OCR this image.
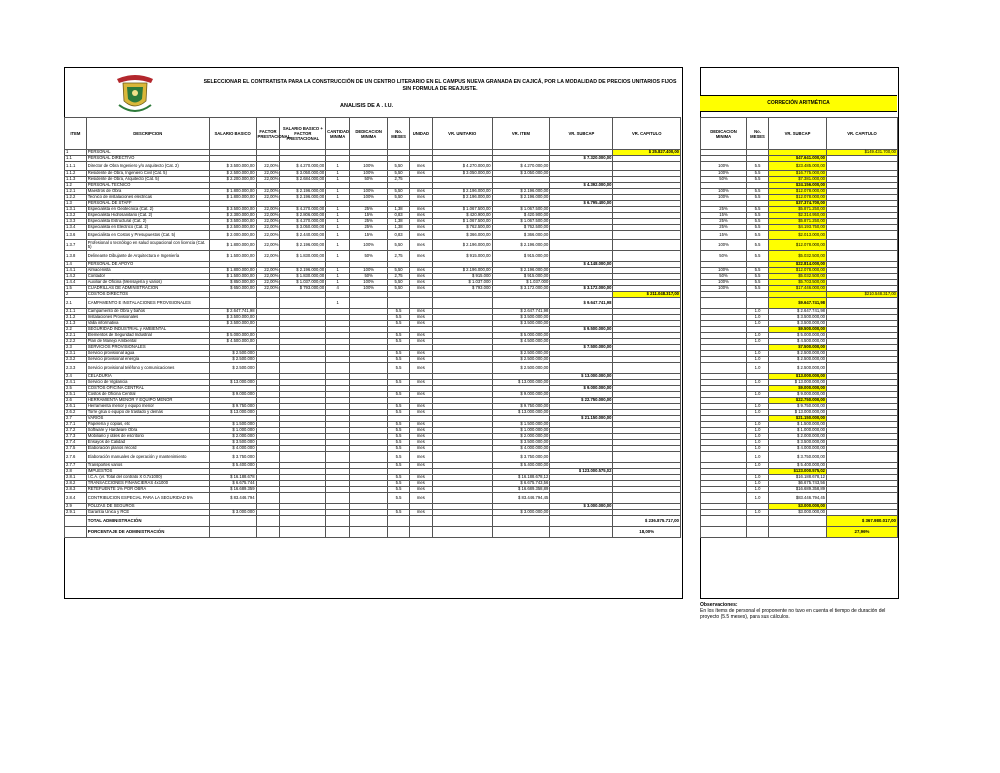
SELECCIONAR EL CONTRATISTA PARA LA CONSTRUCCIÓN DE UN CENTRO LITERARIO EN EL CAMPUS NUEVA GRANADA EN CAJICÁ, POR LA MODALIDAD DE PRECIOS UNITARIOS FIJOS SIN FORMULA DE REAJUSTE.
ANALISIS DE A . I.U.	CORRECIÓN ARITMÉTICA
ITEM	DESCRIPCION	SALARIO BASICO	FACTOR PRESTACIONAL	SALARIO BASICO + FACTOR PRESTACIONAL	CANTIDAD MINIMA	DEDICACION MINIMA	No. MESES	UNIDAD	VR. UNITARIO	VR. ITEM	VR. SUBCAP	VR. CAPITULO
1	PERSONAL											$ 25.827.400,00
1.1	PERSONAL DIRECTIVO										$ 7.320.000,00	
1.1.1	Director de Obra Ingeniero y/o arquitecto (Cat. 2)	$ 3.500.000,00	22,00%	$ 4.270.000,00	1	100%	5,50	mes	$ 4.270.000,00	$ 4.270.000,00		
1.1.2	Residente de Obra, Ingeniero Civil (Cat. 5)	$ 2.500.000,00	22,00%	$ 3.050.000,00	1	100%	5,50	mes	$ 3.050.000,00	$ 3.050.000,00		
1.1.3	Residente de Obra, Arquitecto (Cat. 5)	$ 2.200.000,00	22,00%	$ 2.684.000,00	1	50%	2,75					
1.2	PERSONAL TECNICO										$ 4.392.000,00	
1.2.1	Maestros de Obra	$ 1.800.000,00	22,00%	$ 2.196.000,00	1	100%	5,50	mes	$ 2.196.000,00	$ 2.196.000,00		
1.2.2	Tecnico de instalaciones electricas	$ 1.800.000,00	22,00%	$ 2.196.000,00	1	100%	5,50	mes	$ 2.196.000,00	$ 2.196.000,00		
1.3	PERSONAL DE STAFF										$ 6.795.400,00	
1.3.1	Especialista en Geotecnica (Cat. 2)	$ 3.500.000,00	22,00%	$ 4.270.000,00	1	25%	1,38	mes	$ 1.067.500,00	$ 1.067.500,00		
1.3.2	Especialista Hidrosanitario (Cat. 2)	$ 2.300.000,00	22,00%	$ 2.806.000,00	1	15%	0,83	mes	$ 420.900,00	$ 420.900,00		
1.3.3	Especialista Estructural (Cat. 2)	$ 3.500.000,00	22,00%	$ 4.270.000,00	1	25%	1,38	mes	$ 1.067.500,00	$ 1.067.500,00		
1.3.4	Especialista en Eléctrico (Cat. 2)	$ 2.500.000,00	22,00%	$ 3.050.000,00	1	25%	1,38	mes	$ 762.500,00	$ 762.500,00		
1.3.6	Especialista en Costos y Presupuestos (Cat. 5)	$ 2.000.000,00	22,00%	$ 2.440.000,00	1	15%	0,83	mes	$ 366.000,00	$ 366.000,00		
1.3.7	Profesional o tecnólogo en salud ocupacional con licencia (Cat. 5)	$ 1.800.000,00	22,00%	$ 2.196.000,00	1	100%	5,50	mes	$ 2.196.000,00	$ 2.196.000,00		
1.3.8	Delineante Dibujante de Arquitectura e Ingeniería	$ 1.500.000,00	22,00%	$ 1.830.000,00	1	50%	2,75	mes	$ 915.000,00	$ 915.000,00		
1.4	PERSONAL DE APOYO										$ 4.148.000,00	
1.4.1	Almacenista	$ 1.800.000,00	22,00%	$ 2.196.000,00	1	100%	5,50	mes	$ 2.196.000,00	$ 2.196.000,00		
1.4.2	Contador	$ 1.500.000,00	22,00%	$ 1.830.000,00	1	50%	2,75	mes	$ 915.000	$ 915.000,00		
1.4.4	Auxiliar de Oficina (Mensajería y varios)	$ 850.000,00	22,00%	$ 1.037.000,00	1	100%	5,50	mes	$ 1.037.000	$ 1.037.000		
1.5	CUADRILLAS DE ADMINISTRACION	$ 650.000,00	22,00%	$ 793.000,00	4	100%	5,50	mes	$ 793.000	$ 3.172.000,00	$ 3.172.000,00	
2	COSTOS DIRECTOS											$ 211.048.317,00
2.1	CAMPAMENTO E INSTALACIONES PROVISIONALES				1						$ 9.647.741,98	
2.1.1	Campamento de Obra y baños	$ 2.647.741,98					5.5	mes		$ 2.647.741,98		
2.1.2	Instalaciones Provisionales	$ 3.500.000,00					5.5	mes		$ 3.500.000,00		
2.1.3	Valla informativa	$ 3.500.000,00					5.5	mes		$ 3.500.000,00		
2.2	SEGURIDAD INDUSTRIAL y AMBIENTAL										$ 9.500.000,00	
2.2.1	Elementos de Seguridad Industrial	$ 5.000.000,00					5.5	mes		$ 5.000.000,00		
2.2.2	Plan de Manejo Ambiental	$ 4.500.000,00					5.5	mes		$ 4.500.000,00		
2.3	SERVICIOS PROVISIONALES										$ 7.500.000,00	
2.3.1	Servicio provisional agua	$ 2.500.000					5.5	mes		$ 2.500.000,00		
2.3.2	Servicio provisional energía	$ 2.500.000					5.5	mes		$ 2.500.000,00		
2.3.3	Servicio provisional teléfono y comunicaciones	$ 2.500.000					5.5	mes		$ 2.500.000,00		
2.4	CELADURIA										$ 13.000.000,00	
2.4.1	Servicio de Vigilancia	$ 13.000.000					5.5	mes		$ 13.000.000,00		
2.5	COSTOS OFICINA CENTRAL										$ 9.000.000,00	
2.5.1	Costos de Oficina Central	$ 9.000.000					5.5	mes		$ 9.000.000,00		
2.6	HERRAMIENTA MENOR Y EQUIPO MENOR										$ 22.750.000,00	
2.6.1	Herramienta menor y equipo menor	$ 9.750.000					5.5	mes		$ 9.750.000,00		
2.6.2	Torre grúa o equipo de traslado y demás	$ 13.000.000					5.5	mes		$ 13.000.000,00		
2.7	VARIOS										$ 21.150.000,00	
2.7.1	Papelería y copias, etc	$ 1.500.000					5.5	mes		$ 1.500.000,00		
2.7.2	Software y Hardware Obra	$ 1.000.000					5.5	mes		$ 1.000.000,00		
2.7.3	Mobiliario y útiles de escritorio	$ 2.000.000					5.5	mes		$ 2.000.000,00		
2.7.4	Ensayos de Calidad	$ 3.500.000					5.5	mes		$ 3.500.000,00		
2.7.5	Elaboración planos récord	$ 4.000.000					5.5	mes		$ 4.000.000,00		
2.7.6	Elaboración manuales de operación y mantenimiento	$ 3.750.000					5.5	mes		$ 3.750.000,00		
2.7.7	Transportes varios	$ 5.400.000					5.5	mes		$ 5.400.000,00		
2.8	IMPUESTOS										$ 123.000.575,02	
2.8.1	I.C.A. (vr. Total del contrato X 0.7x1000)	$ 16.188.678					5.5	mes		$ 16.188.678,12		
2.8.2	TRANSACCIONES FINANCIERAS 4x1000	$ 6.675.744					5.5	mes		$ 6.675.743,56		
2.8.3	RETEFUENTE 1% POR OBRA	$ 16.689.359					5.5	mes		$ 16.689.358,89		
2.8.4	CONTRIBUCION ESPECIAL PARA LA SEGURIDAD 5%	$ 83.446.794					5.5	mes		$ 83.446.794,45		
2.9	PÓLIZAS DE SEGUROS										$ 3.000.000,00	
2.9.1	Garantía Única y RCE	$ 3.000.000					5.5	mes		$ 3.000.000,00		
	TOTAL ADMINISTRACIÓN											$ 236.875.717,00
	PORCENTAJE DE ADMINISTRACIÓN											18,00%
DEDICACION MINIMA	No. MESES	VR. SUBCAP	VR. CAPITULO
			$149.431.700,00
		$47.641.000,00	
100%	5.5	$23.485.000,00	
100%	5.5	$16.775.000,00	
50%	5.5	$7.381.000,00	
		$24.156.000,00	
100%	5.5	$12.078.000,00	
100%	5.5	$12.078.000,00	
		$37.374.700,00	
25%	5.5	$5.871.250,00	
15%	5.5	$2.314.950,00	
25%	5.5	$5.871.250,00	
25%	5.5	$4.193.750,00	
15%	5.5	$2.013.000,00	
100%	5.5	$12.078.000,00	
50%	5.5	$5.032.500,00	
		$22.814.000,00	
100%	5.5	$12.078.000,00	
50%	5.5	$5.032.500,00	
100%	5.5	$5.703.500,00	
100%	5.5	$17.446.000,00	
			$210.548.317,00
		$9.647.741,98	
	1.0	$ 2.647.741,98	
	1.0	$ 3.500.000,00	
	1.0	$ 3.500.000,00	
		$9.500.000,00	
	1.0	$ 5.000.000,00	
	1.0	$ 4.500.000,00	
		$7.500.000,00	
	1.0	$ 2.500.000,00	
	1.0	$ 2.500.000,00	
	1.0	$ 2.500.000,00	
		$13.000.000,00	
	1.0	$ 13.000.000,00	
		$9.000.000,00	
	1.0	$ 9.000.000,00	
		$22.750.000,00	
	1.0	$ 9.750.000,00	
	1.0	$ 13.000.000,00	
		$21.150.000,00	
	1.0	$ 1.500.000,00	
	1.0	$ 1.000.000,00	
	1.0	$ 2.000.000,00	
	1.0	$ 3.500.000,00	
	1.0	$ 4.000.000,00	
	1.0	$ 3.750.000,00	
	1.0	$ 5.400.000,00	
		$123.000.575,02	
	1.0	$16.188.678,12	
	1.0	$6.675.743,56	
	1.0	$16.689.358,89	
	1.0	$83.446.794,45	
		$3.000.000,00	
	1.0	$3.000.000,00	
			$ 367.980.017,00
			27,96%
Observaciones:
En los ítems de personal el proponente no tuvo en cuenta el tiempo de duración del proyecto (5.5 meses), para sus cálculos.
